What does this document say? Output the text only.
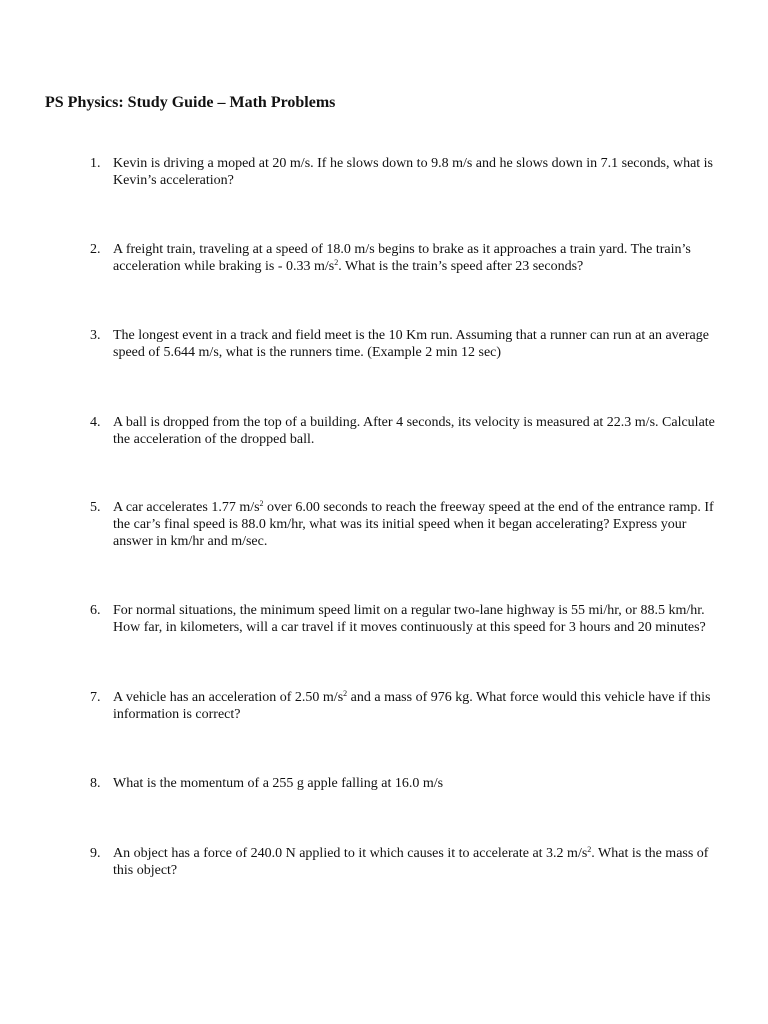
PS Physics: Study Guide – Math Problems
1. Kevin is driving a moped at 20 m/s. If he slows down to 9.8 m/s and he slows down in 7.1 seconds, what is Kevin’s acceleration?
2. A freight train, traveling at a speed of 18.0 m/s begins to brake as it approaches a train yard. The train’s acceleration while braking is - 0.33 $m/s^2$. What is the train’s speed after 23 seconds?
3. The longest event in a track and field meet is the 10 Km run. Assuming that a runner can run at an average speed of 5.644 m/s, what is the runners time. (Example 2 min 12 sec)
4. A ball is dropped from the top of a building. After 4 seconds, its velocity is measured at 22.3 m/s. Calculate the acceleration of the dropped ball.
5. A car accelerates 1.77 $m/s^2$ over 6.00 seconds to reach the freeway speed at the end of the entrance ramp. If the car’s final speed is 88.0 km/hr, what was its initial speed when it began accelerating? Express your answer in km/hr and m/sec.
6. For normal situations, the minimum speed limit on a regular two-lane highway is 55 mi/hr, or 88.5 km/hr. How far, in kilometers, will a car travel if it moves continuously at this speed for 3 hours and 20 minutes?
7. A vehicle has an acceleration of 2.50 $m/s^2$ and a mass of 976 kg. What force would this vehicle have if this information is correct?
8. What is the momentum of a 255 g apple falling at 16.0 m/s
9. An object has a force of 240.0 N applied to it which causes it to accelerate at 3.2 $m/s^2$. What is the mass of this object?
